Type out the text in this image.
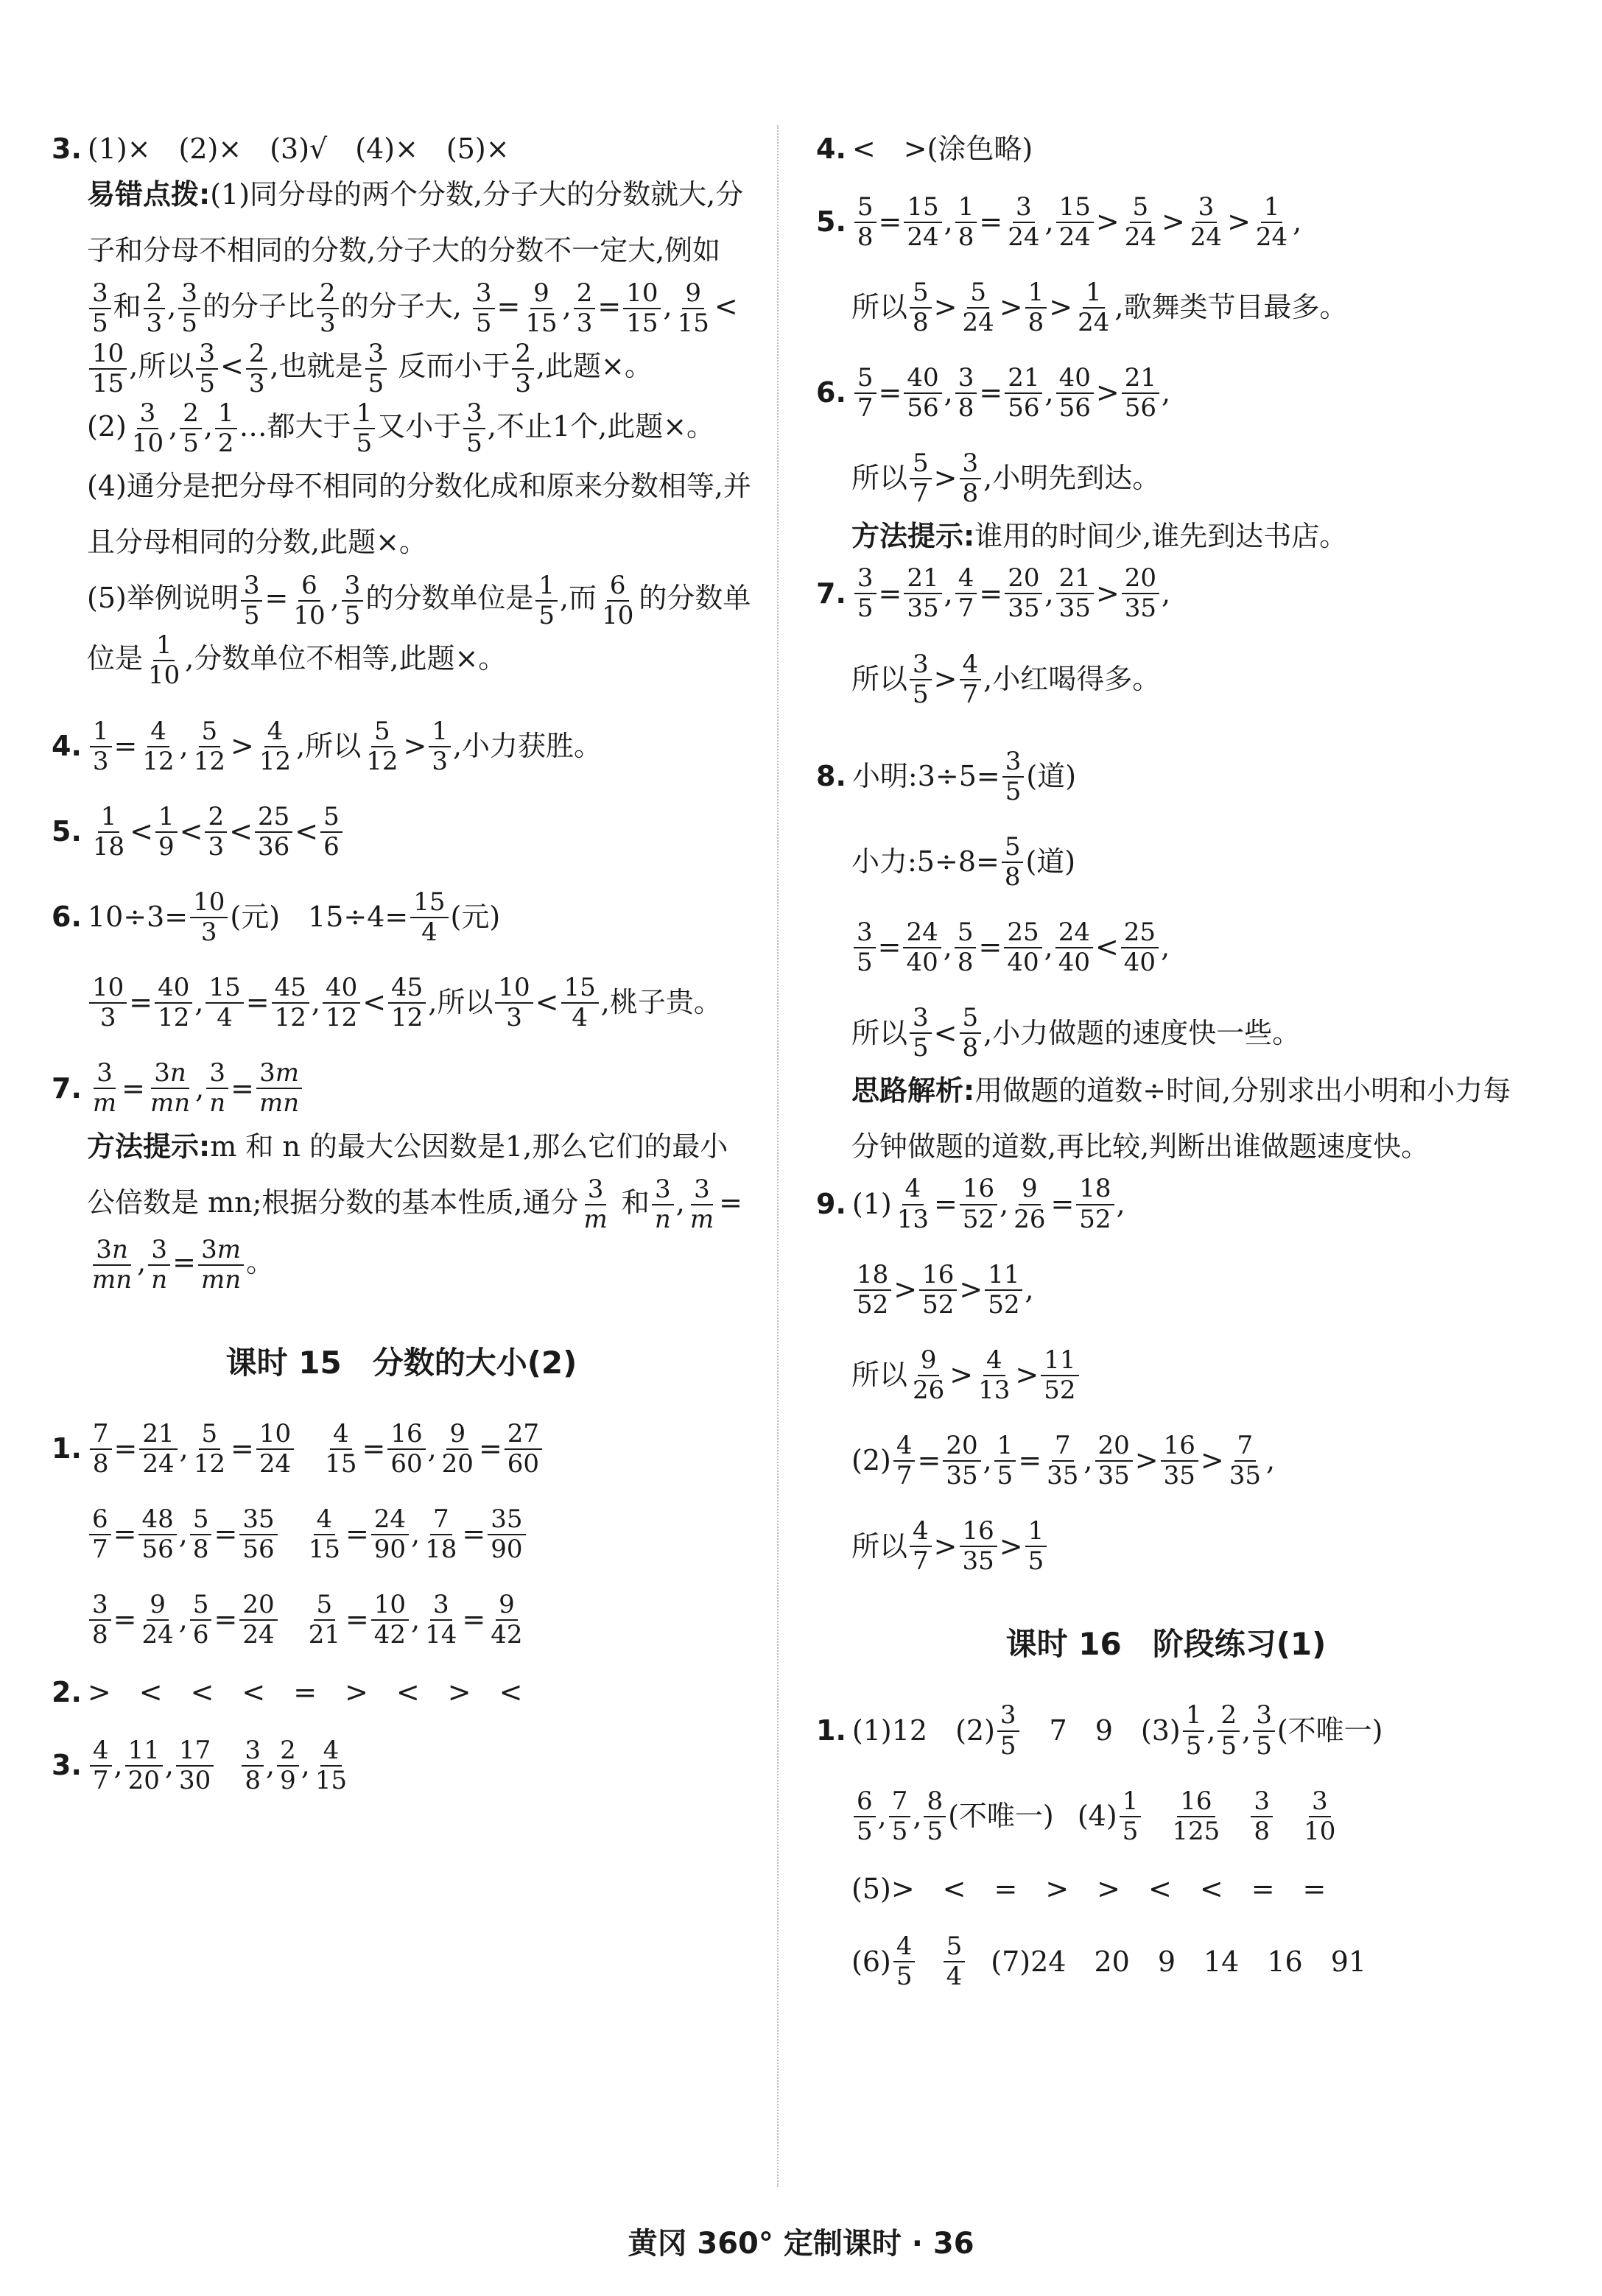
3. (1)×　(2)×　(3)√　(4)×　(5)×
易错点拨:(1)同分母的两个分数,分子大的分数就大,分子和分母不相同的分数,分子大的分数不一定大,例如
$\frac{3}{5}$ 和 $\frac{2}{3}$ , $\frac{3}{5}$ 的分子比 $\frac{2}{3}$ 的分子大, $\frac{3}{5} = \frac{9}{15}$ , $\frac{2}{3} = \frac{10}{15}$ , $\frac{9}{15}$ <
$\frac{10}{15}$ ,所以 $\frac{3}{5} < \frac{2}{3}$ ,也就是 $\frac{3}{5}$ 反而小于 $\frac{2}{3}$ ,此题×。
$(2) \frac{3}{10}$ , $\frac{2}{5}$ , $\frac{1}{2}$ …都大于 $\frac{1}{5}$ 又小于 $\frac{3}{5}$ ,不止1个,此题×。
(4)通分是把分母不相同的分数化成和原来分数相等,并且分母相同的分数,此题×。
(5)举例说明 $\frac{3}{5} = \frac{6}{10}$ , $\frac{3}{5}$ 的分数单位是 $\frac{1}{5}$ ,而 $\frac{6}{10}$ 的分数单位是 $\frac{1}{10}$ ,分数单位不相等,此题×。
4. $\frac{1}{3} = \frac{4}{12}$ , $\frac{5}{12} > \frac{4}{12}$ ,所以 $\frac{5}{12} > \frac{1}{3}$ ,小力获胜。
5. $\frac{1}{18} < \frac{1}{9} < \frac{2}{3} < \frac{25}{36} < \frac{5}{6}$
6. $10\div 3= \frac{10}{3}$ (元)　$15\div 4= \frac{15}{4}$ (元)
$\frac{10}{3} = \frac{40}{12}$ , $\frac{15}{4} = \frac{45}{12}$ , $\frac{40}{12} < \frac{45}{12}$ ,所以 $\frac{10}{3} < \frac{15}{4}$ ,桃子贵。
7. $\frac{3}{m} = \frac{3n}{mn}$ , $\frac{3}{n} = \frac{3m}{mn}$
方法提示:m 和 n 的最大公因数是1,那么它们的最小公倍数是 mn;根据分数的基本性质,通分 $\frac{3}{m}$ 和 $\frac{3}{n}$ , $\frac{3}{m}$ =
$\frac{3n}{mn}$ , $\frac{3}{n} = \frac{3m}{mn}$ 。
课时 15　分数的大小(2)
1. $\frac{7}{8} = \frac{21}{24}$ , $\frac{5}{12} = \frac{10}{24}$
$\frac{4}{15} = \frac{16}{60}$ , $\frac{9}{20} = \frac{27}{60}$
$\frac{6}{7} = \frac{48}{56}$ , $\frac{5}{8} = \frac{35}{56}$
$\frac{4}{15} = \frac{24}{90}$ , $\frac{7}{18} = \frac{35}{90}$
$\frac{3}{8} = \frac{9}{24}$ , $\frac{5}{6} = \frac{20}{24}$
$\frac{5}{21} = \frac{10}{42}$ , $\frac{3}{14} = \frac{9}{42}$
2. >　<　<　<　=　>　<　>　<
3. $\frac{4}{7}$ , $\frac{11}{20}$ , $\frac{17}{30}$
$\frac{3}{8}$ , $\frac{2}{9}$ , $\frac{4}{15}$
4. <　>(涂色略)
5. $\frac{5}{8} = \frac{15}{24}$ , $\frac{1}{8} = \frac{3}{24}$ , $\frac{15}{24} > \frac{5}{24} > \frac{3}{24} > \frac{1}{24}$ ,
所以 $\frac{5}{8} > \frac{5}{24} > \frac{1}{8} > \frac{1}{24}$ ,歌舞类节目最多。
6. $\frac{5}{7} = \frac{40}{56}$ , $\frac{3}{8} = \frac{21}{56}$ , $\frac{40}{56} > \frac{21}{56}$ ,
所以 $\frac{5}{7} > \frac{3}{8}$ ,小明先到达。
方法提示:谁用的时间少,谁先到达书店。
7. $\frac{3}{5} = \frac{21}{35}$ , $\frac{4}{7} = \frac{20}{35}$ , $\frac{21}{35} > \frac{20}{35}$ ,
所以 $\frac{3}{5} > \frac{4}{7}$ ,小红喝得多。
8. 小明:3÷5= $\frac{3}{5}$ (道)
小力:5÷8= $\frac{5}{8}$ (道)
$\frac{3}{5} = \frac{24}{40}$ , $\frac{5}{8} = \frac{25}{40}$ , $\frac{24}{40} < \frac{25}{40}$ ,
所以 $\frac{3}{5} < \frac{5}{8}$ ,小力做题的速度快一些。
思路解析:用做题的道数÷时间,分别求出小明和小力每分钟做题的道数,再比较,判断出谁做题速度快。
9. $(1) \frac{4}{13} = \frac{16}{52}$ , $\frac{9}{26} = \frac{18}{52}$ ,
$\frac{18}{52} > \frac{16}{52} > \frac{11}{52}$ ,
所以 $\frac{9}{26} > \frac{4}{13} > \frac{11}{52}$
$(2) \frac{4}{7} = \frac{20}{35}$ , $\frac{1}{5} = \frac{7}{35}$ , $\frac{20}{35} > \frac{16}{35} > \frac{7}{35}$ ,
所以 $\frac{4}{7} > \frac{16}{35} > \frac{1}{5}$
课时 16　阶段练习(1)
1. (1)12　$(2) \frac{3}{5}$ 　7　9　$(3) \frac{1}{5}$ , $\frac{2}{5}$ , $\frac{3}{5}$ (不唯一)
$\frac{6}{5}$ , $\frac{7}{5}$ , $\frac{8}{5}$ (不唯一)
$(4) \frac{1}{5}$
$\frac{16}{125}$
$\frac{3}{8}$
$\frac{3}{10}$
(5)>　<　=　>　>　<　<　=　=
$(6) \frac{4}{5}$
$\frac{5}{4}$
(7)24　20　9　14　16　91
黄冈 360° 定制课时 · 36
